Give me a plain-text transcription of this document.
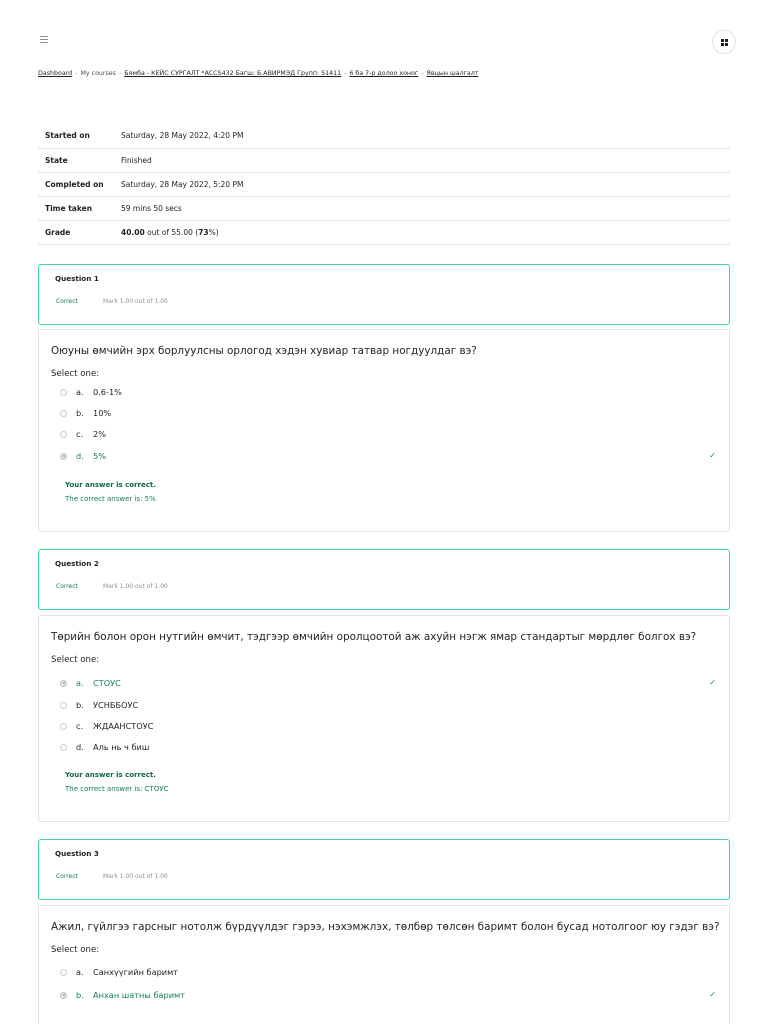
Dashboard - My courses - Бямба - КЕЙС СУРГАЛТ *ACCS432 Багш: Б.АВИРМЭД Групп: S1411 - 6 ба 7-р долоо хоног - Явцын шалгалт
Started on	Saturday, 28 May 2022, 4:20 PM
State	Finished
Completed on	Saturday, 28 May 2022, 5:20 PM
Time taken	59 mins 50 secs
Grade	40.00 out of 55.00 (73%)
Question 1
Correct	Mark 1.00 out of 1.00
Оюуны өмчийн эрх борлуулсны орлогод хэдэн хувиар татвар ногдуулдаг вэ?
Select one:
a.	0.6-1%
b.	10%
c.	2%
d.	5%	✓
Your answer is correct.
The correct answer is: 5%
Question 2
Correct	Mark 1.00 out of 1.00
Төрийн болон орон нутгийн өмчит, тэдгээр өмчийн оролцоотой аж ахуйн нэгж ямар стандартыг мөрдлөг болгох вэ?
Select one:
a.	СТОУС	✓
b.	УСНББОУС
c.	ЖДААНСТОУС
d.	Аль нь ч биш
Your answer is correct.
The correct answer is: СТОУС
Question 3
Correct	Mark 1.00 out of 1.00
Ажил, гүйлгээ гарсныг нотолж бүрдүүлдэг гэрээ, нэхэмжлэх, төлбөр төлсөн баримт болон бусад нотолгоог юу гэдэг вэ?
Select one:
a.	Санхүүгийн баримт
b.	Анхан шатны баримт	✓
